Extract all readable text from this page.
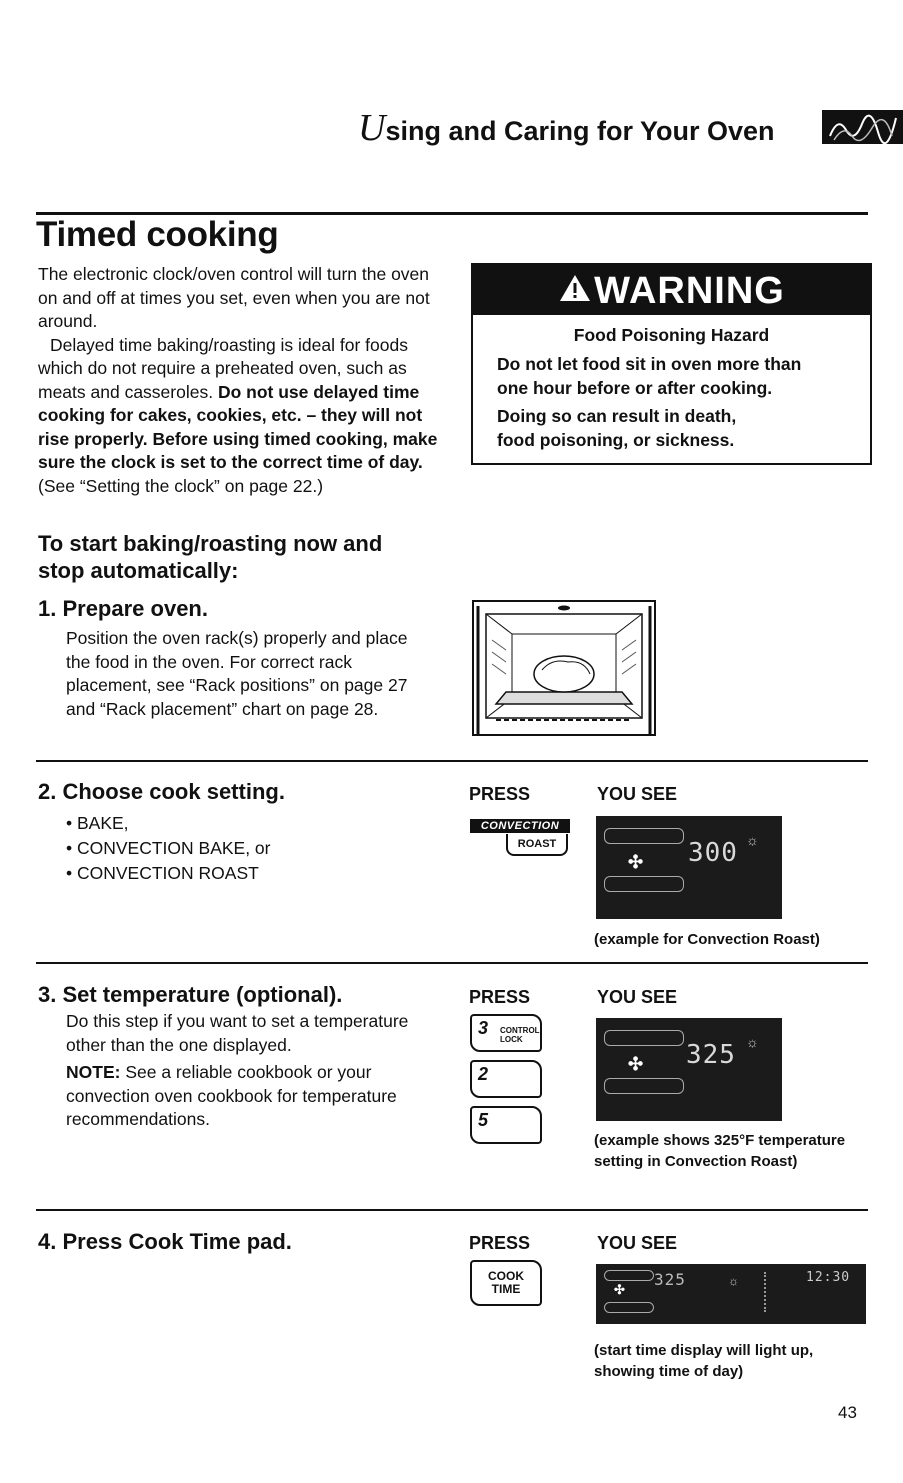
Using and Caring for Your Oven
Timed cooking

The electronic clock/oven control will turn the oven on and off at times you set, even when you are not around.

Delayed time baking/roasting is ideal for foods which do not require a preheated oven, such as meats and casseroles. Do not use delayed time cooking for cakes, cookies, etc. – they will not rise properly. Before using timed cooking, make sure the clock is set to the correct time of day. (See “Setting the clock” on page 22.)

WARNING
Food Poisoning Hazard
Do not let food sit in oven more than
one hour before or after cooking.
Doing so can result in death,
food poisoning, or sickness.
To start baking/roasting now and
stop automatically:
1. Prepare oven.
Position the oven rack(s) properly and place the food in the oven. For correct rack placement, see “Rack positions” on page 27 and “Rack placement” chart on page 28.
2. Choose cook setting.
• BAKE,
• CONVECTION BAKE, or
• CONVECTION ROAST
PRESS	YOU SEE
CONVECTION
ROAST
✣ 300 ☼
(example for Convection Roast)
3. Set temperature (optional).
Do this step if you want to set a temperature other than the one displayed.
NOTE: See a reliable cookbook or your convection oven cookbook for temperature recommendations.
PRESS	YOU SEE
3 CONTROL LOCK
2
5
✣ 325 ☼
(example shows 325°F temperature setting in Convection Roast)
4. Press Cook Time pad.	PRESS	YOU SEE
COOK
TIME	✣
325	☼	12:30
(start time display will light up, showing time of day)
43
